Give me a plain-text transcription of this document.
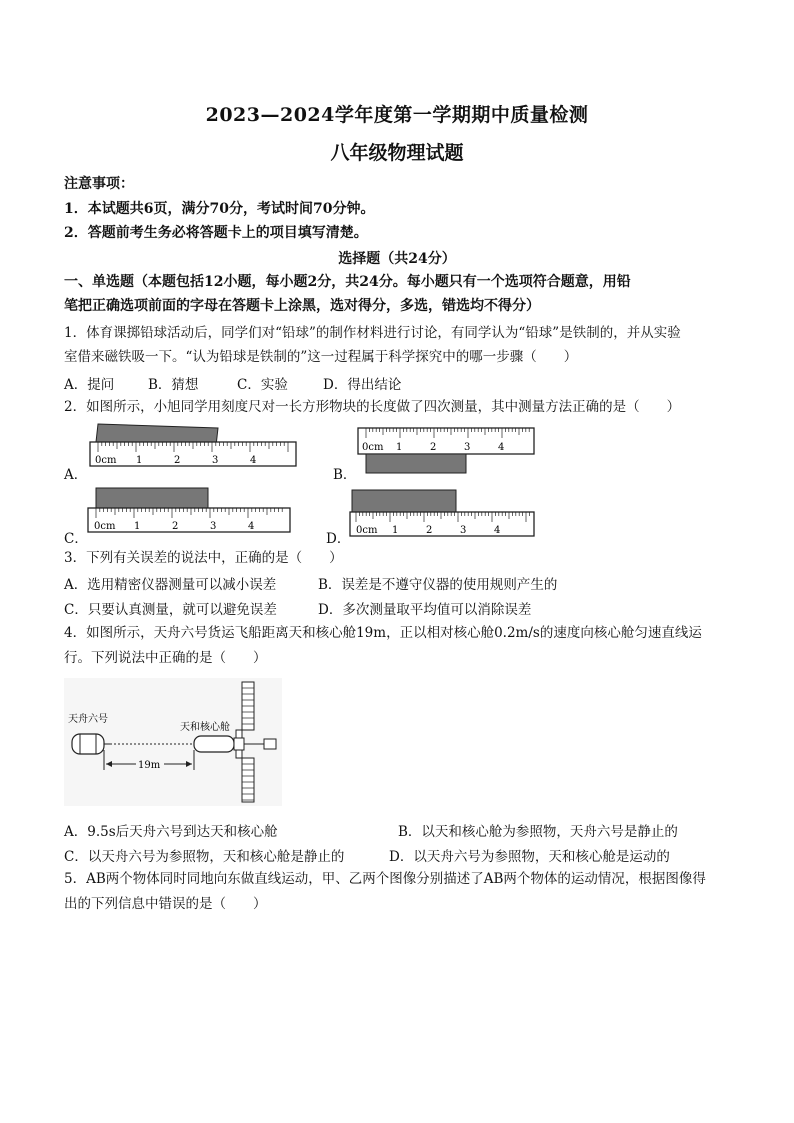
2023—2024学年度第一学期期中质量检测
八年级物理试题
注意事项：
1．本试题共6页，满分70分，考试时间70分钟。
2．答题前考生务必将答题卡上的项目填写清楚。
选择题（共24分）
一、单选题（本题包括12小题，每小题2分，共24分。每小题只有一个选项符合题意，用铅
笔把正确选项前面的字母在答题卡上涂黑，选对得分，多选，错选均不得分）
1．体育课掷铅球活动后，同学们对“铅球”的制作材料进行讨论，有同学认为“铅球”是铁制的，并从实验
室借来磁铁吸一下。“认为铅球是铁制的”这一过程属于科学探究中的哪一步骤（　　）
A．提问	B．猜想	C．实验	D．得出结论
2．如图所示，小旭同学用刻度尺对一长方形物块的长度做了四次测量，其中测量方法正确的是（　　）
A．
0cm 1	2	3	4
B．
0cm 1	2	3	4
C．
0cm 1	2	3	4
D．
0cm 1	2	3	4
3．下列有关误差的说法中，正确的是（　　）
A．选用精密仪器测量可以减小误差	B．误差是不遵守仪器的使用规则产生的
C．只要认真测量，就可以避免误差	D．多次测量取平均值可以消除误差
4．如图所示，天舟六号货运飞船距离天和核心舱19m，正以相对核心舱0.2m/s的速度向核心舱匀速直线运
行。下列说法中正确的是（　　）
天舟六号
天和核心舱
19m
A．9.5s后天舟六号到达天和核心舱	B．以天和核心舱为参照物，天舟六号是静止的
C．以天舟六号为参照物，天和核心舱是静止的	D．以天舟六号为参照物，天和核心舱是运动的
5．AB两个物体同时同地向东做直线运动，甲、乙两个图像分别描述了AB两个物体的运动情况，根据图像得
出的下列信息中错误的是（　　）
